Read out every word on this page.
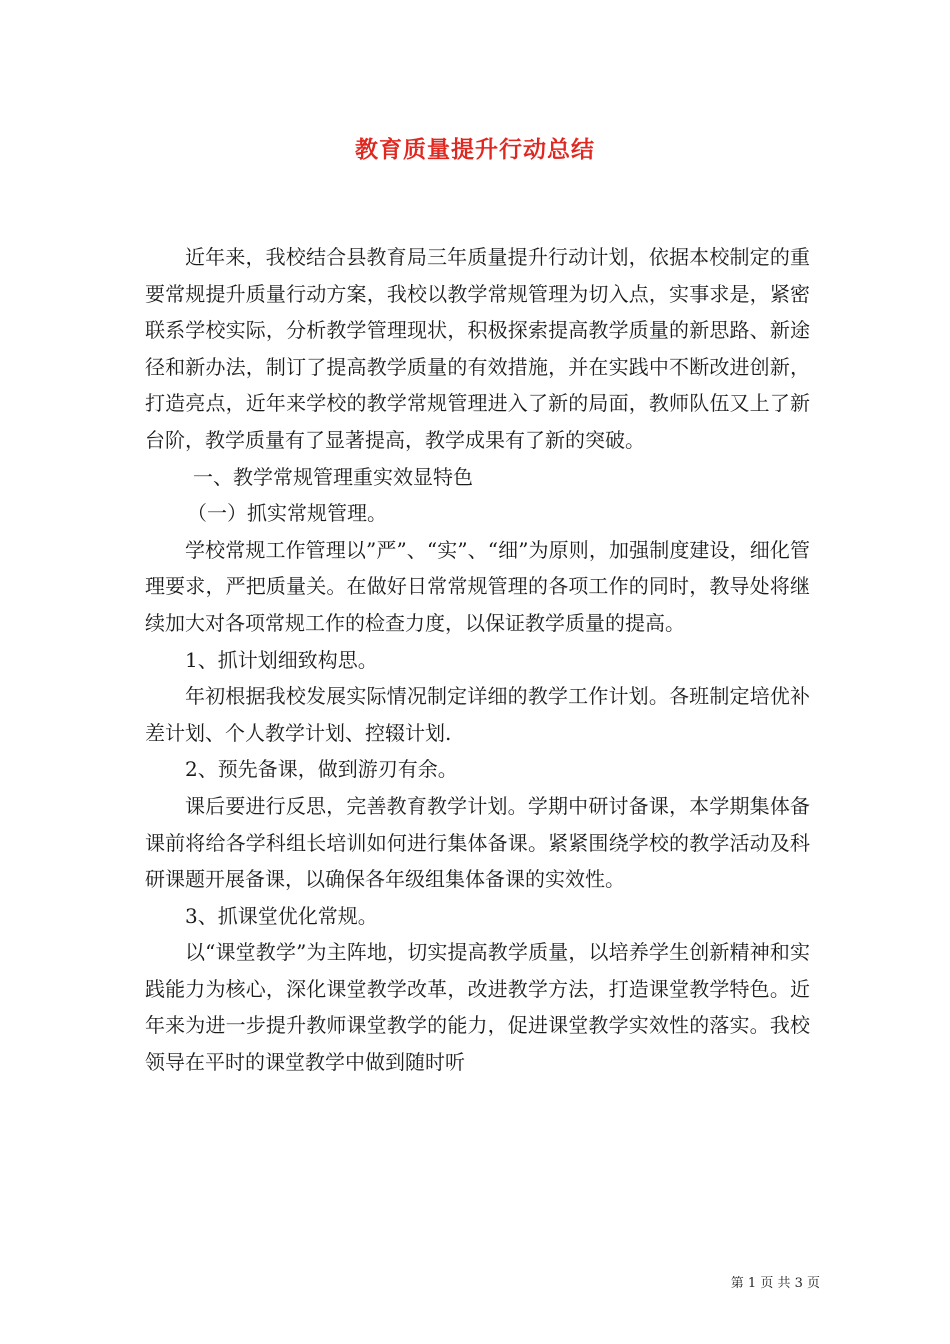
教育质量提升行动总结

近年来，我校结合县教育局三年质量提升行动计划，依据本校制定的重要常规提升质量行动方案，我校以教学常规管理为切入点，实事求是，紧密联系学校实际，分析教学管理现状，积极探索提高教学质量的新思路、新途径和新办法，制订了提高教学质量的有效措施，并在实践中不断改进创新，打造亮点，近年来学校的教学常规管理进入了新的局面，教师队伍又上了新台阶，教学质量有了显著提高，教学成果有了新的突破。

一、教学常规管理重实效显特色

（一）抓实常规管理。

学校常规工作管理以”严”、“实”、“细”为原则，加强制度建设，细化管理要求，严把质量关。在做好日常常规管理的各项工作的同时，教导处将继续加大对各项常规工作的检查力度，以保证教学质量的提高。

1、抓计划细致构思。

年初根据我校发展实际情况制定详细的教学工作计划。各班制定培优补差计划、个人教学计划、控辍计划.

2、预先备课，做到游刃有余。

课后要进行反思，完善教育教学计划。学期中研讨备课，本学期集体备课前将给各学科组长培训如何进行集体备课。紧紧围绕学校的教学活动及科研课题开展备课，以确保各年级组集体备课的实效性。

3、抓课堂优化常规。

以“课堂教学”为主阵地，切实提高教学质量，以培养学生创新精神和实践能力为核心，深化课堂教学改革，改进教学方法，打造课堂教学特色。近年来为进一步提升教师课堂教学的能力，促进课堂教学实效性的落实。我校领导在平时的课堂教学中做到随时听

第 1 页 共 3 页
